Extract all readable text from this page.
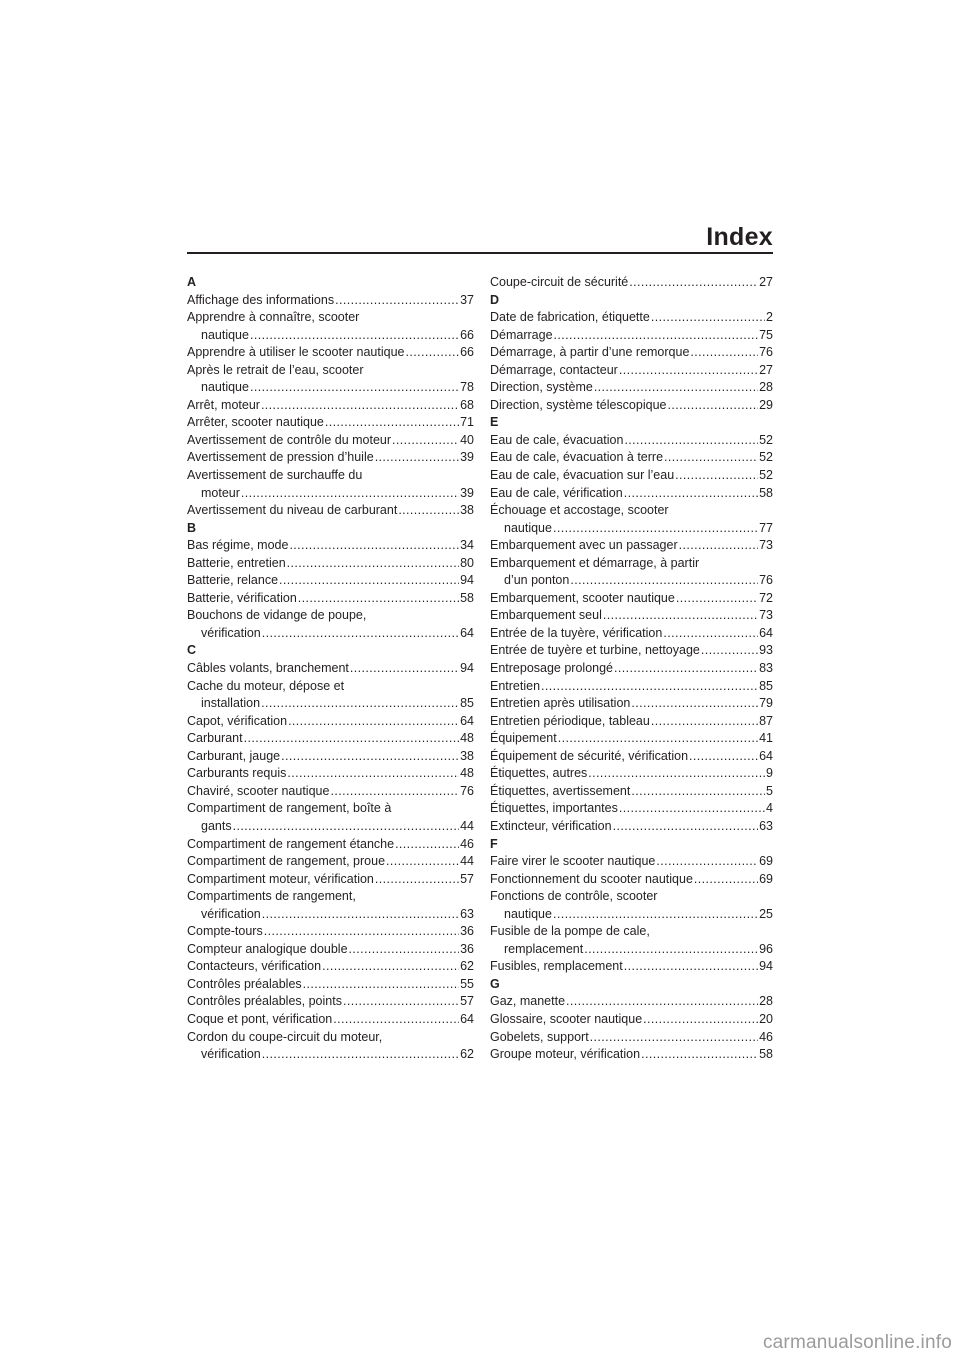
Index
A
Affichage des informations .....	37
Apprendre à connaître, scooter
nautique .....	66
Apprendre à utiliser le scooter nautique .....	66
Après le retrait de l’eau, scooter
nautique .....	78
Arrêt, moteur .....	68
Arrêter, scooter nautique .....	71
Avertissement de contrôle du moteur .....	40
Avertissement de pression d’huile .....	39
Avertissement de surchauffe du
moteur .....	39
Avertissement du niveau de carburant .....	38
B
Bas régime, mode .....	34
Batterie, entretien .....	80
Batterie, relance .....	94
Batterie, vérification .....	58
Bouchons de vidange de poupe,
vérification .....	64
C
Câbles volants, branchement .....	94
Cache du moteur, dépose et
installation .....	85
Capot, vérification .....	64
Carburant .....	48
Carburant, jauge .....	38
Carburants requis .....	48
Chaviré, scooter nautique .....	76
Compartiment de rangement, boîte à
gants .....	44
Compartiment de rangement étanche .....	46
Compartiment de rangement, proue .....	44
Compartiment moteur, vérification .....	57
Compartiments de rangement,
vérification .....	63
Compte-tours .....	36
Compteur analogique double .....	36
Contacteurs, vérification .....	62
Contrôles préalables .....	55
Contrôles préalables, points .....	57
Coque et pont, vérification .....	64
Cordon du coupe-circuit du moteur,
vérification .....	62
Coupe-circuit de sécurité .....	27
D
Date de fabrication, étiquette .....	2
Démarrage .....	75
Démarrage, à partir d’une remorque .....	76
Démarrage, contacteur .....	27
Direction, système .....	28
Direction, système télescopique .....	29
E
Eau de cale, évacuation .....	52
Eau de cale, évacuation à terre .....	52
Eau de cale, évacuation sur l’eau .....	52
Eau de cale, vérification .....	58
Échouage et accostage, scooter
nautique .....	77
Embarquement avec un passager .....	73
Embarquement et démarrage, à partir
d’un ponton .....	76
Embarquement, scooter nautique .....	72
Embarquement seul .....	73
Entrée de la tuyère, vérification .....	64
Entrée de tuyère et turbine, nettoyage .....	93
Entreposage prolongé .....	83
Entretien .....	85
Entretien après utilisation .....	79
Entretien périodique, tableau .....	87
Équipement .....	41
Équipement de sécurité, vérification .....	64
Étiquettes, autres .....	9
Étiquettes, avertissement .....	5
Étiquettes, importantes .....	4
Extincteur, vérification .....	63
F
Faire virer le scooter nautique .....	69
Fonctionnement du scooter nautique .....	69
Fonctions de contrôle, scooter
nautique .....	25
Fusible de la pompe de cale,
remplacement .....	96
Fusibles, remplacement .....	94
G
Gaz, manette .....	28
Glossaire, scooter nautique .....	20
Gobelets, support .....	46
Groupe moteur, vérification .....	58
carmanualsonline.info
